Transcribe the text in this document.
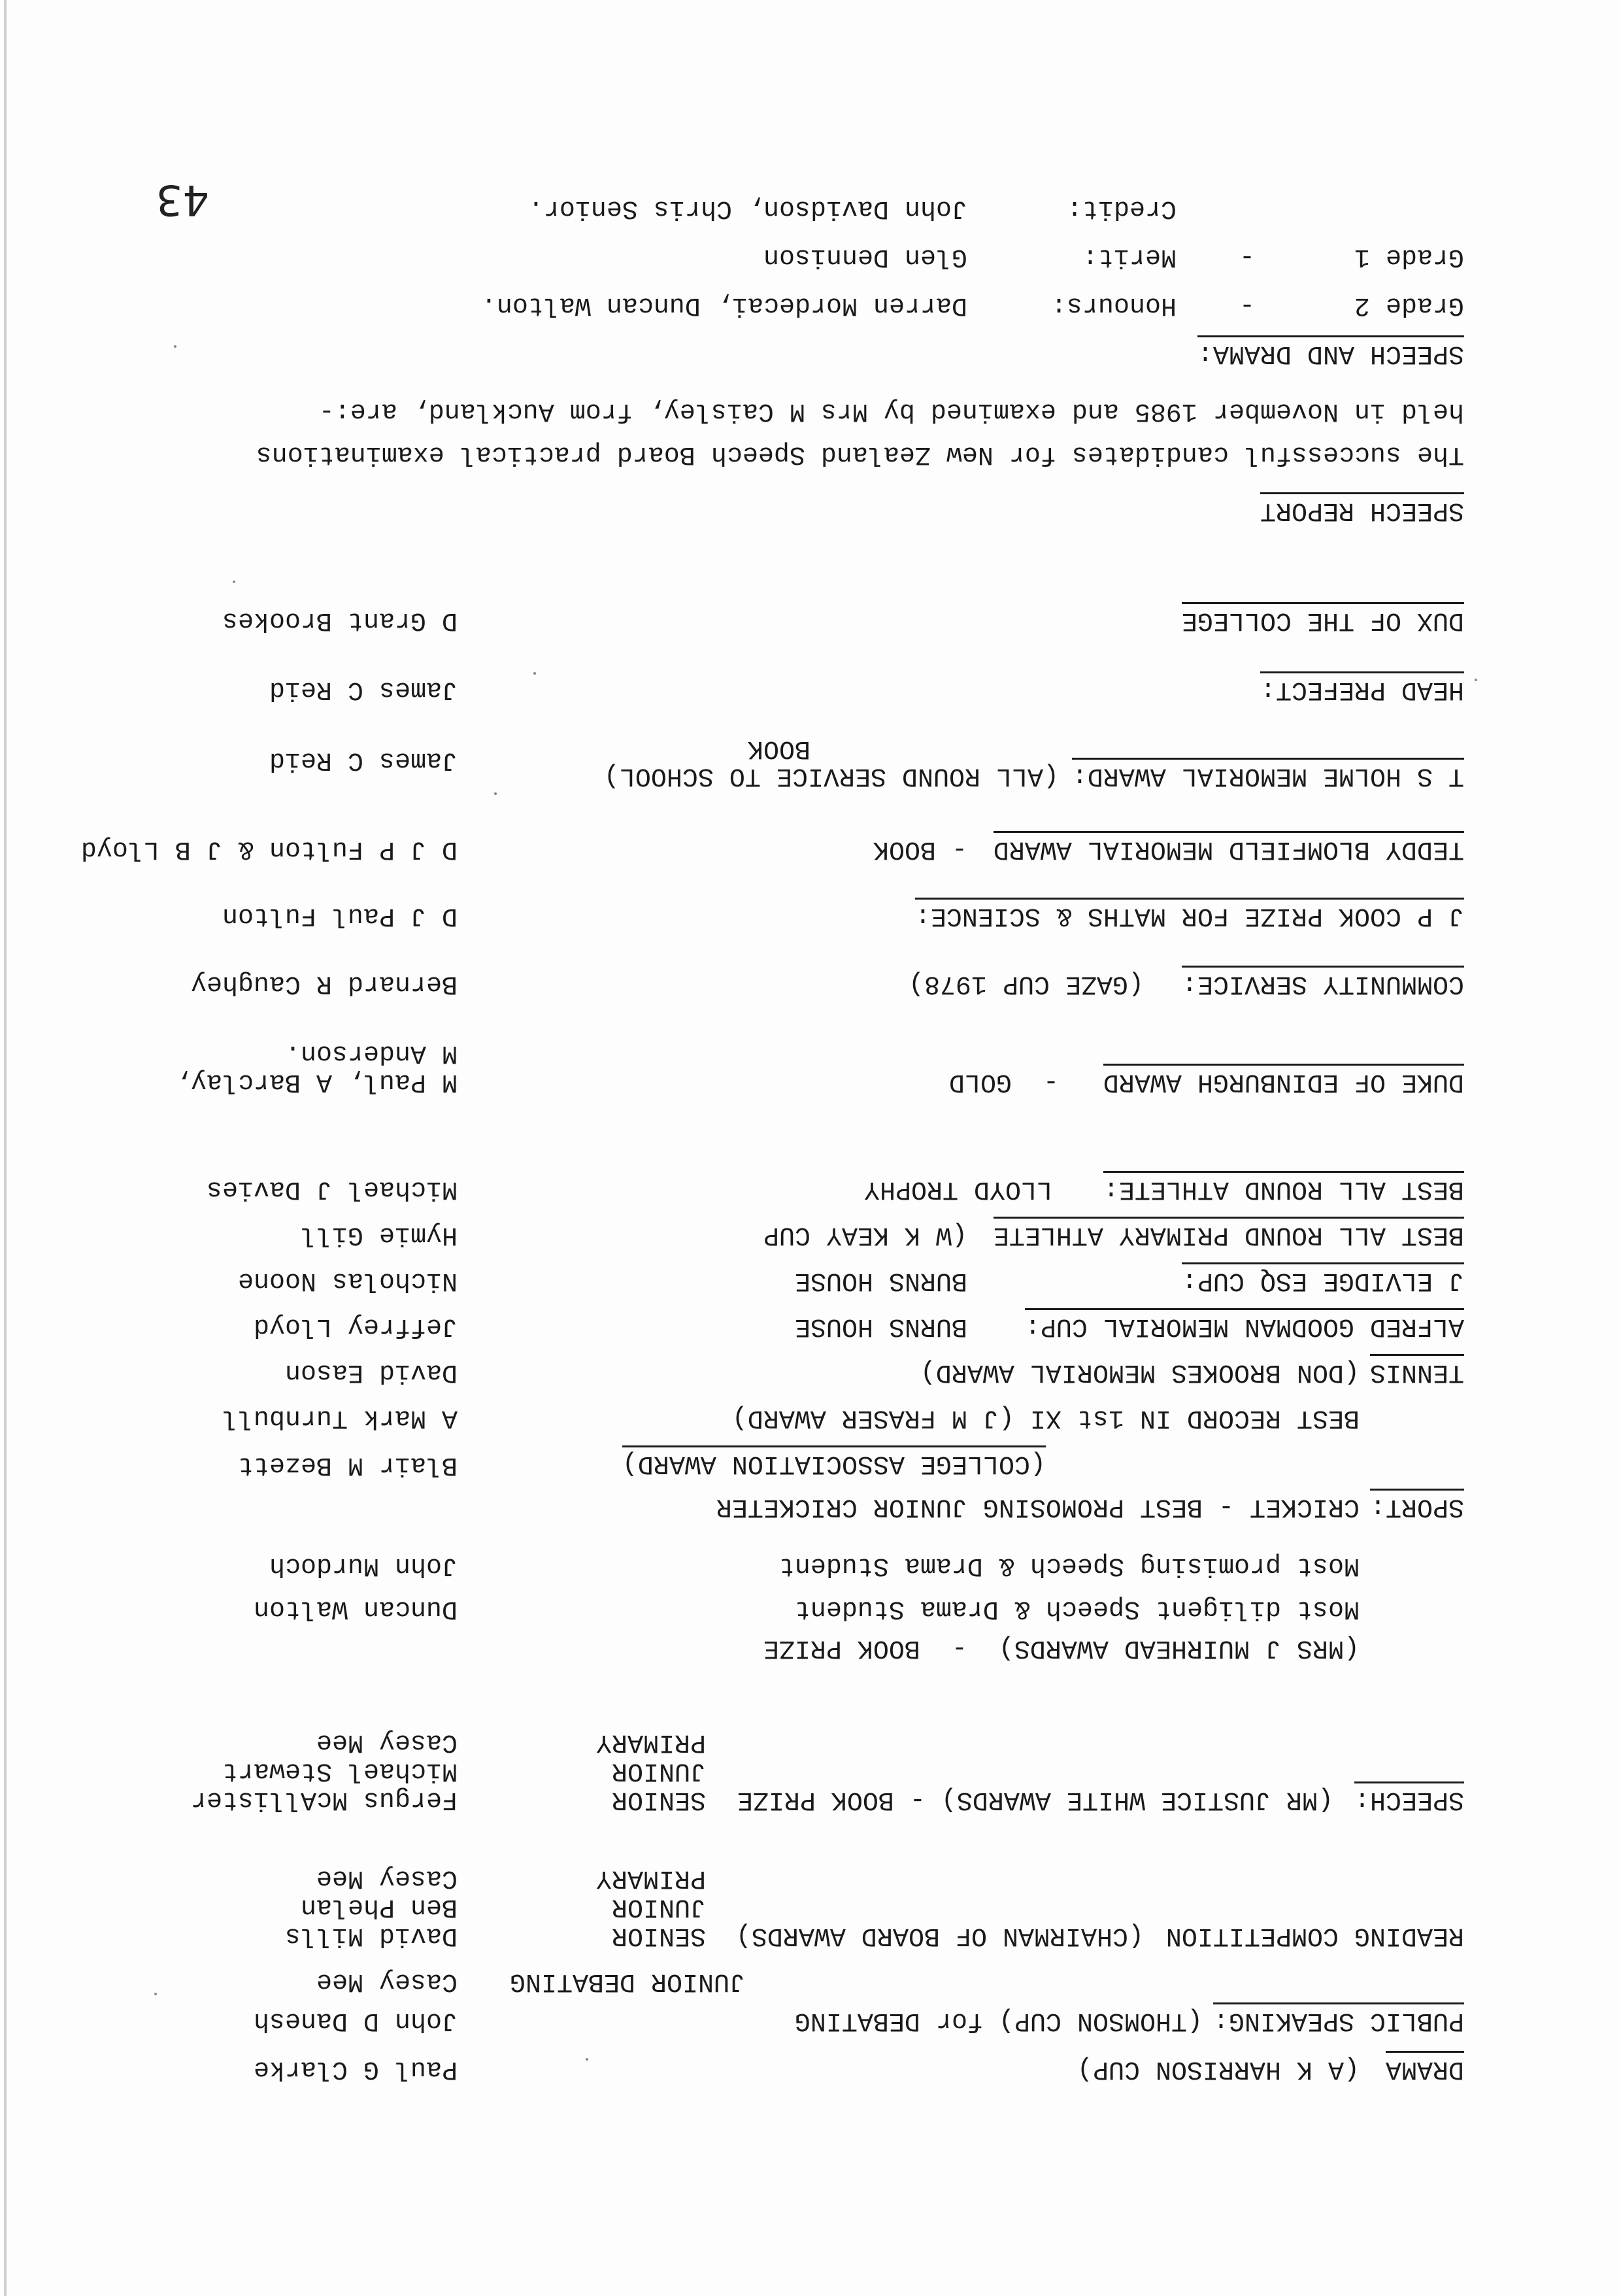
43	Credit:
John Davidson, Chris Senior.
Grade 1
-
Merit:
Glen Dennison
Grade 2
-
Honours:
Darren Mordecai, Duncan Walton.
SPEECH AND DRAMA:
held in November 1985 and examined by Mrs M Caisley, from Auckland, are:-
The successful candidates for New Zealand Speech Board practical examinations
SPEECH REPORT
DUX OF THE COLLEGE
D Grant Brookes
HEAD PREFECT:
James C Reid
BOOK
T S HOLME MEMORIAL AWARD:
(ALL ROUND SERVICE TO SCHOOL)
James C Reid
TEDDY BLOMFIELD MEMORIAL AWARD
- BOOK
D J P Fulton & J B Lloyd
J P COOK PRIZE FOR MATHS & SCIENCE:
D J Paul Fulton
COMMUNITY SERVICE:
(GAZE CUP 1978)
Bernard R Caughey
DUKE OF EDINBURGH AWARD
-  GOLD
M Paul, A Barclay,
M Anderson.
BEST ALL ROUND ATHLETE:
LLOYD TROPHY
Michael J Davies
BEST ALL ROUND PRIMARY ATHLETE
(W K KEAY CUP
Hymie Gill
J ELVIDGE ESQ CUP:
BURNS HOUSE
Nicholas Noone
ALFRED GOODMAN MEMORIAL CUP:
BURNS HOUSE
Jeffrey Lloyd
TENNIS
(DON BROOKES MEMORIAL AWARD)
David Eason
BEST RECORD IN 1st XI (J M FRASER AWARD)
A Mark Turnbull
(COLLEGE ASSOCIATION AWARD)
SPORT:
CRICKET - BEST PROMOSING JUNIOR CRICKETER
Blair M Bezett
Most promising Speech & Drama Student
John Murdoch
Most diligent Speech & Drama Student
(MRS J MUIRHEAD AWARDS)  -  BOOK PRIZE
Duncan Walton
SPEECH:
(MR JUSTICE WHITE AWARDS) - BOOK PRIZE
SENIOR
JUNIOR
PRIMARY
Fergus McAllister
Michael Stewart
Casey Mee
READING COMPETITION
(CHAIRMAN OF BOARD AWARDS)
SENIOR
JUNIOR
PRIMARY
David Mills
Ben Phelan
Casey Mee
JUNIOR DEBATING
Casey Mee
PUBLIC SPEAKING:
(THOMSON CUP) for DEBATING
John D Danesh
DRAMA
(A K HARRISON CUP)
Paul G Clarke
